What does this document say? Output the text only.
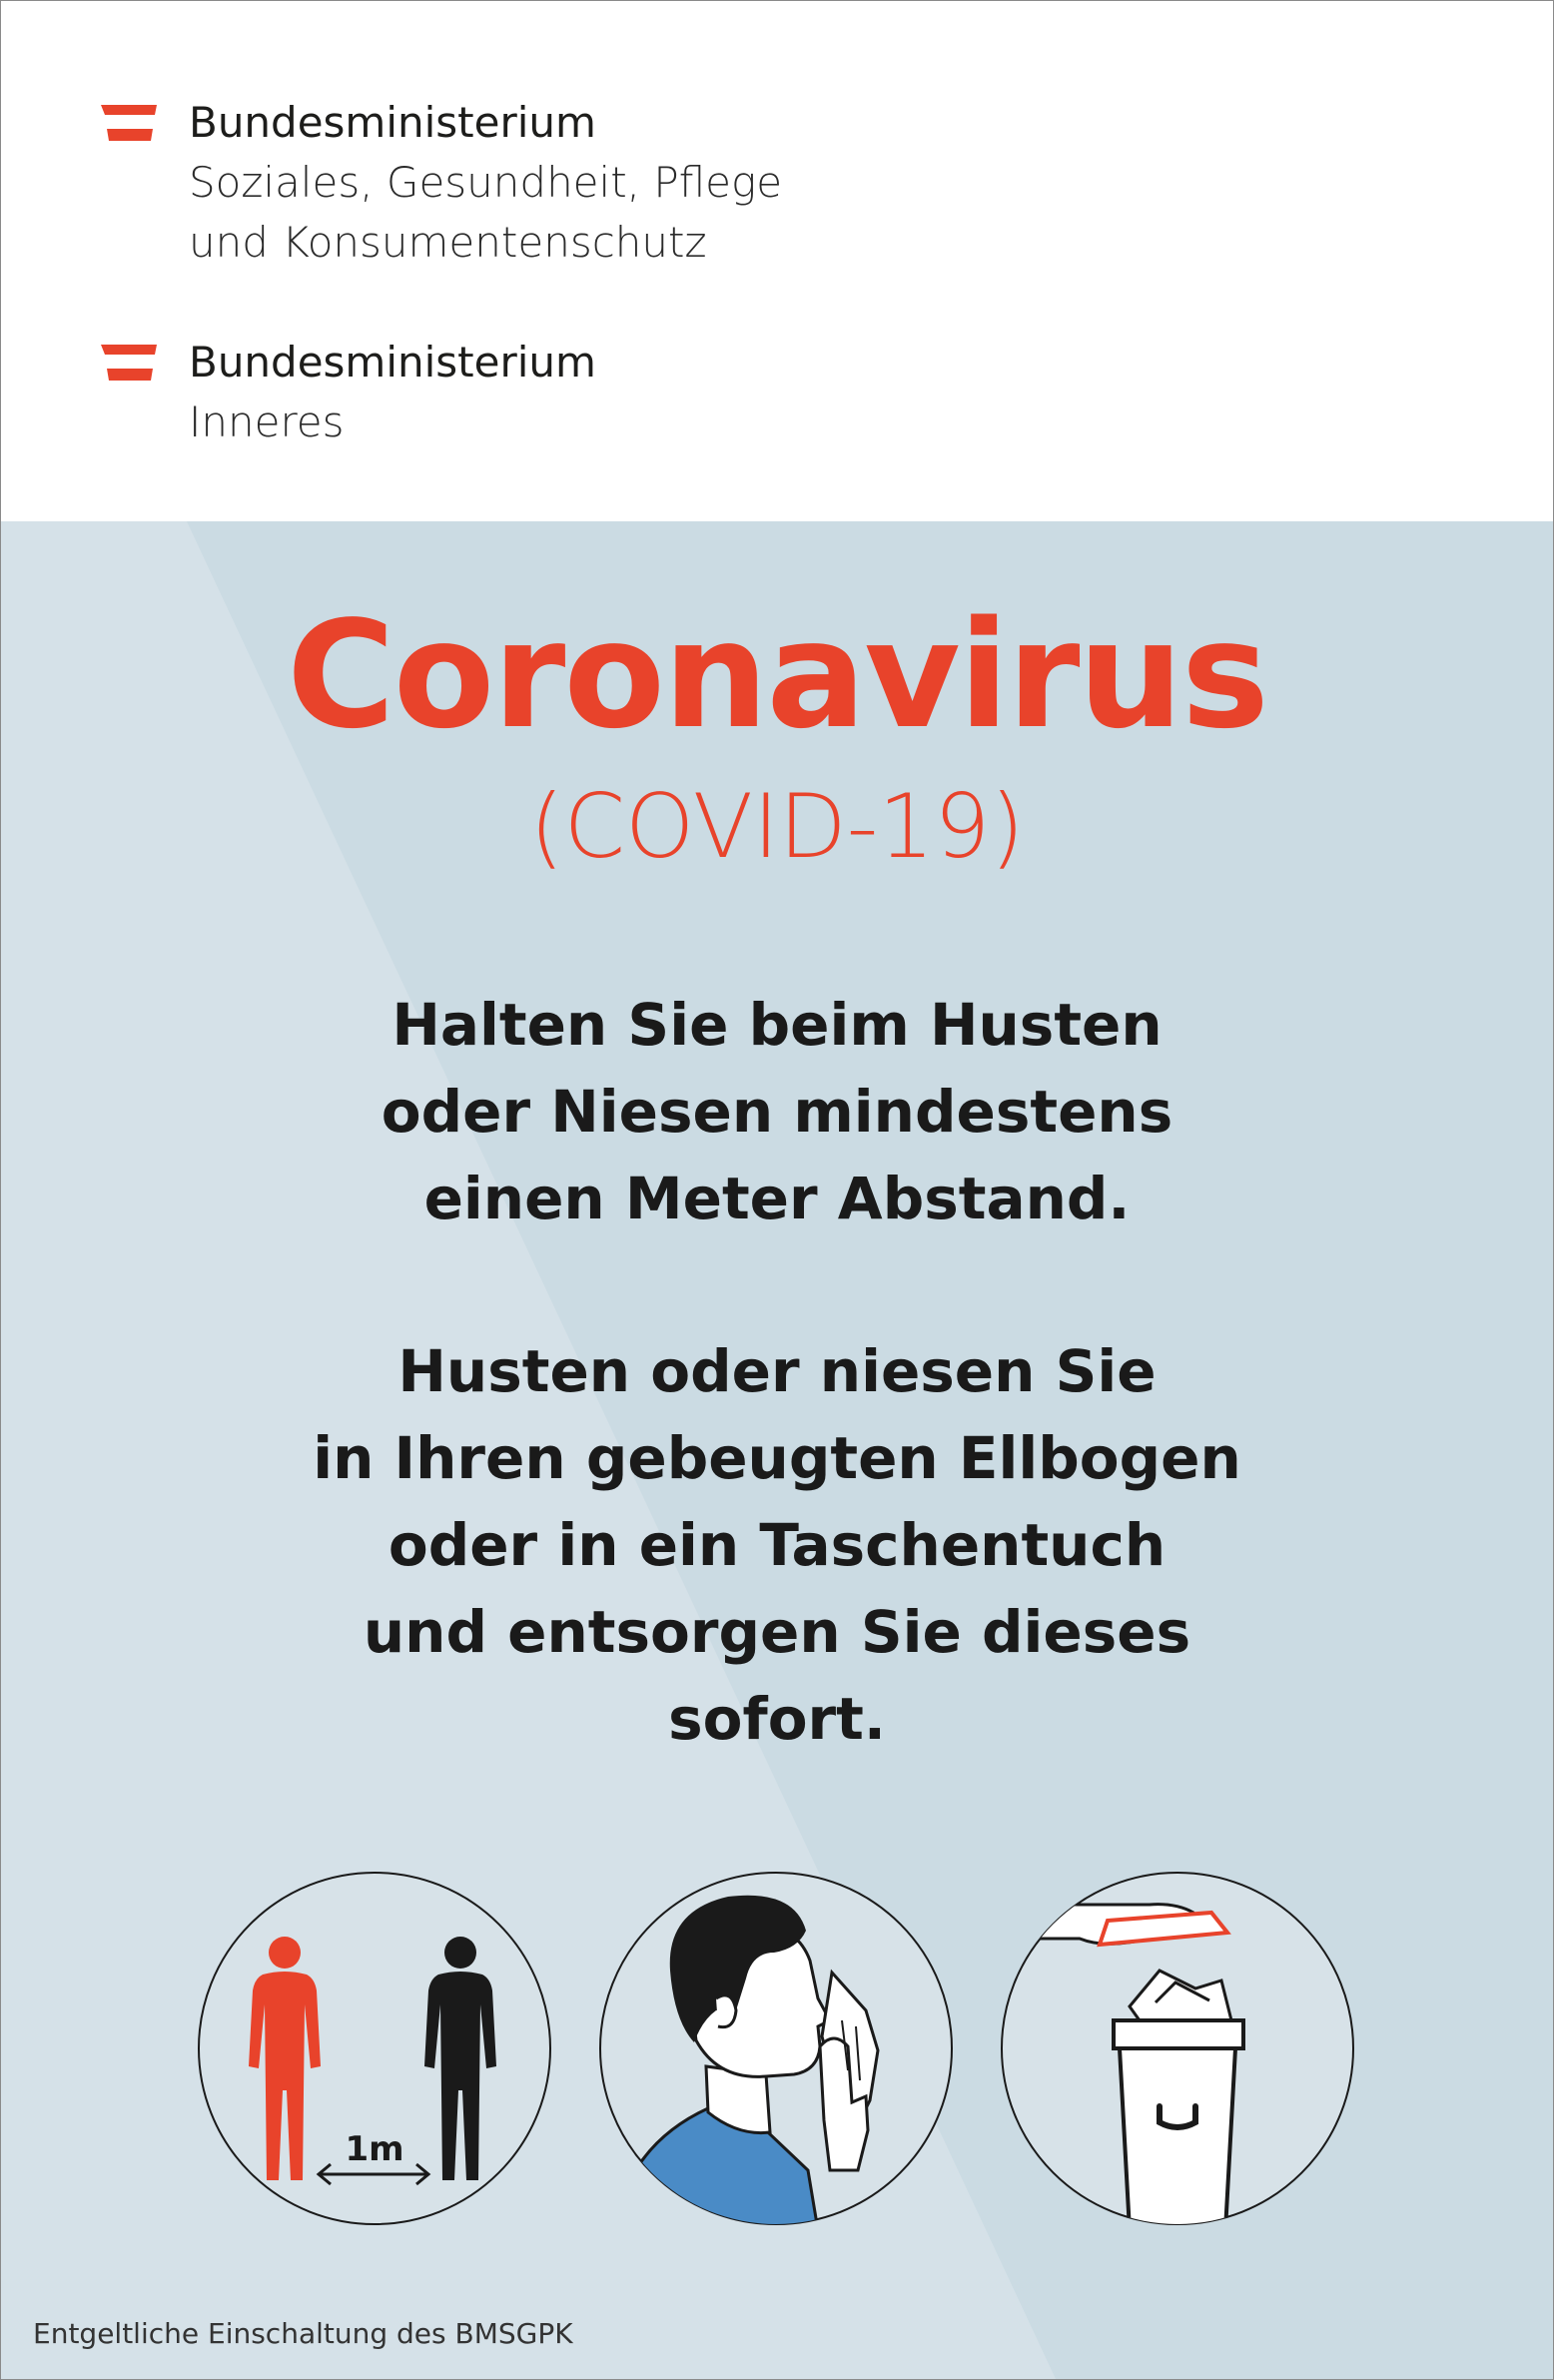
Bundesministerium
Soziales, Gesundheit, Pflege
und Konsumentenschutz
Bundesministerium
Inneres
Coronavirus
(COVID-19)
Halten Sie beim Husten
oder Niesen mindestens
einen Meter Abstand.
Husten oder niesen Sie
in Ihren gebeugten Ellbogen
oder in ein Taschentuch
und entsorgen Sie dieses
sofort.
1m
Entgeltliche Einschaltung des BMSGPK
